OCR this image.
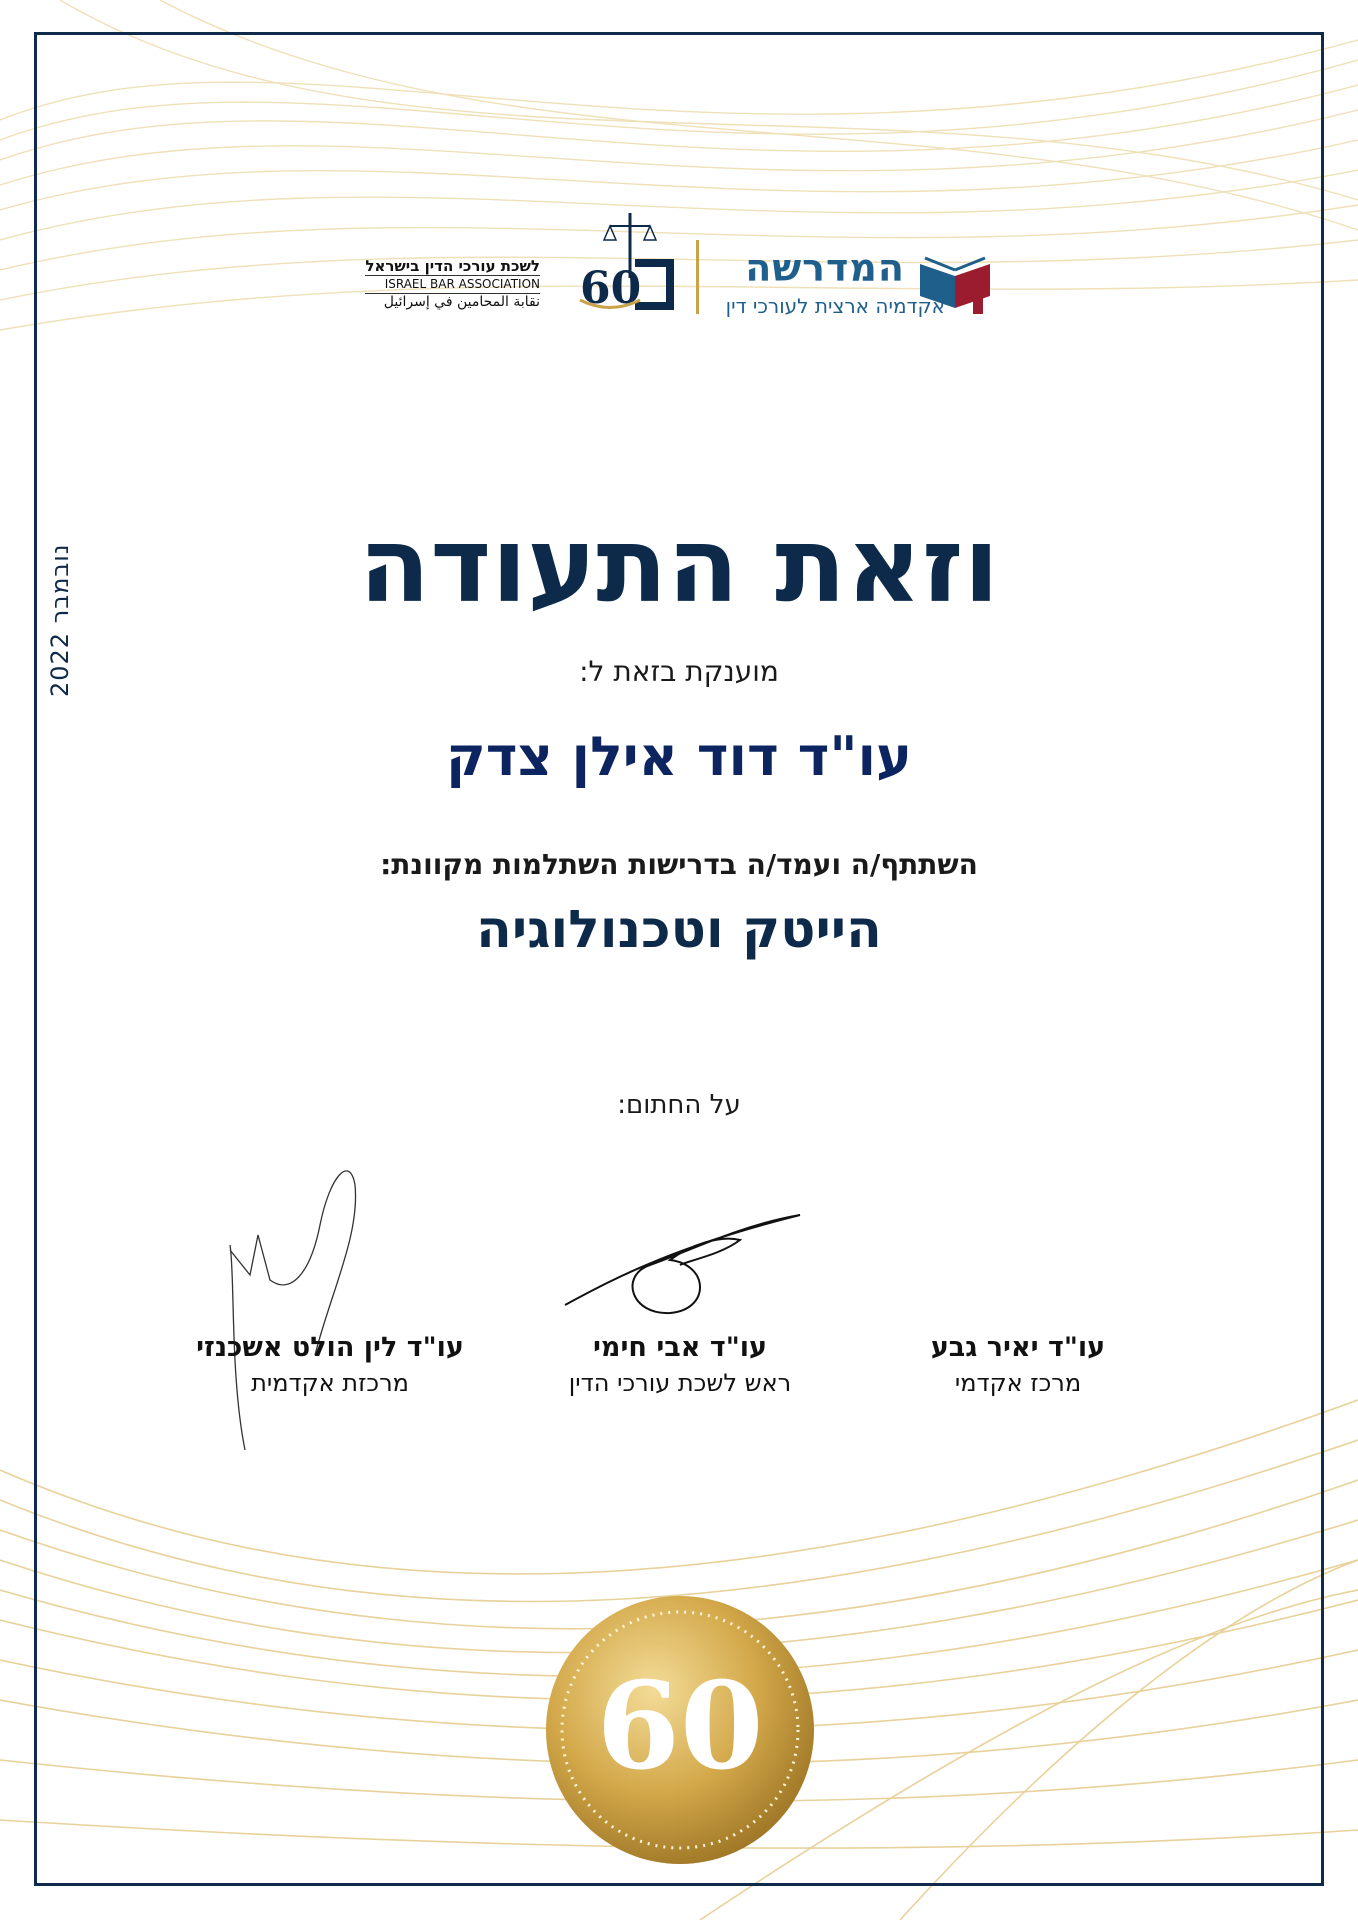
נובמבר 2022
60
לשכת עורכי הדין בישראל
ISRAEL BAR ASSOCIATION
نقابة المحامين في إسرائيل
המדרשה
אקדמיה ארצית לעורכי דין
וזאת התעודה
מוענקת בזאת ל:
עו"ד דוד אילן צדק
השתתף/ה ועמד/ה בדרישות השתלמות מקוונת:
הייטק וטכנולוגיה
על החתום:
עו"ד יאיר גבע
מרכז אקדמי
עו"ד אבי חימי
ראש לשכת עורכי הדין
עו"ד לין הולט אשכנזי
מרכזת אקדמית
60
